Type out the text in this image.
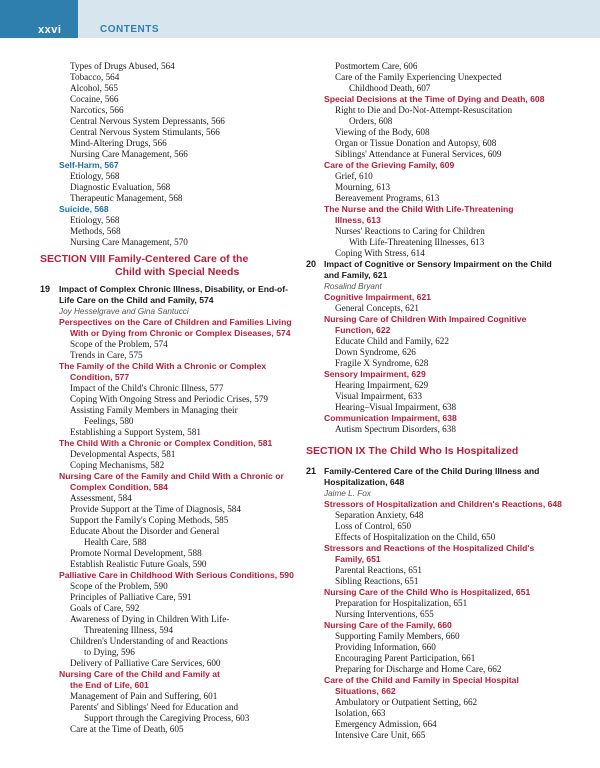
xxvi	CONTENTS
Types of Drugs Abused, 564
Tobacco, 564
Alcohol, 565
Cocaine, 566
Narcotics, 566
Central Nervous System Depressants, 566
Central Nervous System Stimulants, 566
Mind-Altering Drugs, 566
Nursing Care Management, 566
Self-Harm, 567
Etiology, 568
Diagnostic Evaluation, 568
Therapeutic Management, 568
Suicide, 568
Etiology, 568
Methods, 568
Nursing Care Management, 570
SECTION VIII Family-Centered Care of the
Child with Special Needs
19 Impact of Complex Chronic Illness, Disability, or End-of-
Life Care on the Child and Family, 574
Joy Hesselgrave and Gina Santucci
Perspectives on the Care of Children and Families Living
With or Dying from Chronic or Complex Diseases, 574
Scope of the Problem, 574
Trends in Care, 575
The Family of the Child With a Chronic or Complex
Condition, 577
Impact of the Child's Chronic Illness, 577
Coping With Ongoing Stress and Periodic Crises, 579
Assisting Family Members in Managing their
Feelings, 580
Establishing a Support System, 581
The Child With a Chronic or Complex Condition, 581
Developmental Aspects, 581
Coping Mechanisms, 582
Nursing Care of the Family and Child With a Chronic or
Complex Condition, 584
Assessment, 584
Provide Support at the Time of Diagnosis, 584
Support the Family's Coping Methods, 585
Educate About the Disorder and General
Health Care, 588
Promote Normal Development, 588
Establish Realistic Future Goals, 590
Palliative Care in Childhood With Serious Conditions, 590
Scope of the Problem, 590
Principles of Palliative Care, 591
Goals of Care, 592
Awareness of Dying in Children With Life-
Threatening Illness, 594
Children's Understanding of and Reactions
to Dying, 596
Delivery of Palliative Care Services, 600
Nursing Care of the Child and Family at
the End of Life, 601
Management of Pain and Suffering, 601
Parents' and Siblings' Need for Education and
Support through the Caregiving Process, 603
Care at the Time of Death, 605
Postmortem Care, 606
Care of the Family Experiencing Unexpected
Childhood Death, 607
Special Decisions at the Time of Dying and Death, 608
Right to Die and Do-Not-Attempt-Resuscitation
Orders, 608
Viewing of the Body, 608
Organ or Tissue Donation and Autopsy, 608
Siblings' Attendance at Funeral Services, 609
Care of the Grieving Family, 609
Grief, 610
Mourning, 613
Bereavement Programs, 613
The Nurse and the Child With Life-Threatening
Illness, 613
Nurses' Reactions to Caring for Children
With Life-Threatening Illnesses, 613
Coping With Stress, 614
20 Impact of Cognitive or Sensory Impairment on the Child
and Family, 621
Rosalind Bryant
Cognitive Impairment, 621
General Concepts, 621
Nursing Care of Children With Impaired Cognitive
Function, 622
Educate Child and Family, 622
Down Syndrome, 626
Fragile X Syndrome, 628
Sensory Impairment, 629
Hearing Impairment, 629
Visual Impairment, 633
Hearing–Visual Impairment, 638
Communication Impairment, 638
Autism Spectrum Disorders, 638
SECTION IX The Child Who Is Hospitalized
21 Family-Centered Care of the Child During Illness and
Hospitalization, 648
Jaime L. Fox
Stressors of Hospitalization and Children's Reactions, 648
Separation Anxiety, 648
Loss of Control, 650
Effects of Hospitalization on the Child, 650
Stressors and Reactions of the Hospitalized Child's
Family, 651
Parental Reactions, 651
Sibling Reactions, 651
Nursing Care of the Child Who is Hospitalized, 651
Preparation for Hospitalization, 651
Nursing Interventions, 655
Nursing Care of the Family, 660
Supporting Family Members, 660
Providing Information, 660
Encouraging Parent Participation, 661
Preparing for Discharge and Home Care, 662
Care of the Child and Family in Special Hospital
Situations, 662
Ambulatory or Outpatient Setting, 662
Isolation, 663
Emergency Admission, 664
Intensive Care Unit, 665
